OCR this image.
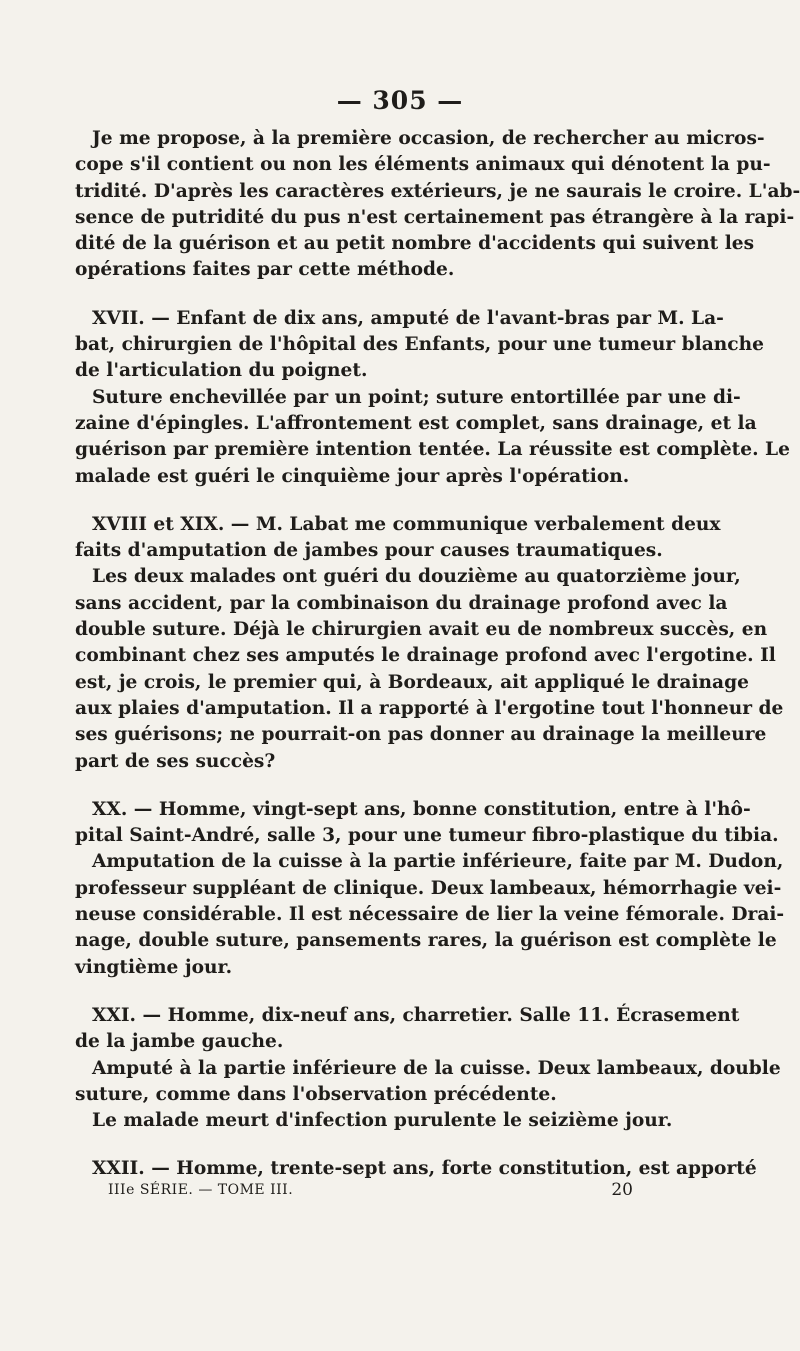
— 305 —
Je me propose, à la première occasion, de rechercher au micros-
cope s'il contient ou non les éléments animaux qui dénotent la pu-
tridité. D'après les caractères extérieurs, je ne saurais le croire. L'ab-
sence de putridité du pus n'est certainement pas étrangère à la rapi-
dité de la guérison et au petit nombre d'accidents qui suivent les
opérations faites par cette méthode.
XVII. — Enfant de dix ans, amputé de l'avant-bras par M. La-
bat, chirurgien de l'hôpital des Enfants, pour une tumeur blanche
de l'articulation du poignet.
Suture enchevillée par un point; suture entortillée par une di-
zaine d'épingles. L'affrontement est complet, sans drainage, et la
guérison par première intention tentée. La réussite est complète. Le
malade est guéri le cinquième jour après l'opération.
XVIII et XIX. — M. Labat me communique verbalement deux
faits d'amputation de jambes pour causes traumatiques.
Les deux malades ont guéri du douzième au quatorzième jour,
sans accident, par la combinaison du drainage profond avec la
double suture. Déjà le chirurgien avait eu de nombreux succès, en
combinant chez ses amputés le drainage profond avec l'ergotine. Il
est, je crois, le premier qui, à Bordeaux, ait appliqué le drainage
aux plaies d'amputation. Il a rapporté à l'ergotine tout l'honneur de
ses guérisons; ne pourrait-on pas donner au drainage la meilleure
part de ses succès?
XX. — Homme, vingt-sept ans, bonne constitution, entre à l'hô-
pital Saint-André, salle 3, pour une tumeur fibro-plastique du tibia.
Amputation de la cuisse à la partie inférieure, faite par M. Dudon,
professeur suppléant de clinique. Deux lambeaux, hémorrhagie vei-
neuse considérable. Il est nécessaire de lier la veine fémorale. Drai-
nage, double suture, pansements rares, la guérison est complète le
vingtième jour.
XXI. — Homme, dix-neuf ans, charretier. Salle 11. Écrasement
de la jambe gauche.
Amputé à la partie inférieure de la cuisse. Deux lambeaux, double
suture, comme dans l'observation précédente.
Le malade meurt d'infection purulente le seizième jour.
XXII. — Homme, trente-sept ans, forte constitution, est apporté
IIIe SÉRIE. — TOME III.	20
